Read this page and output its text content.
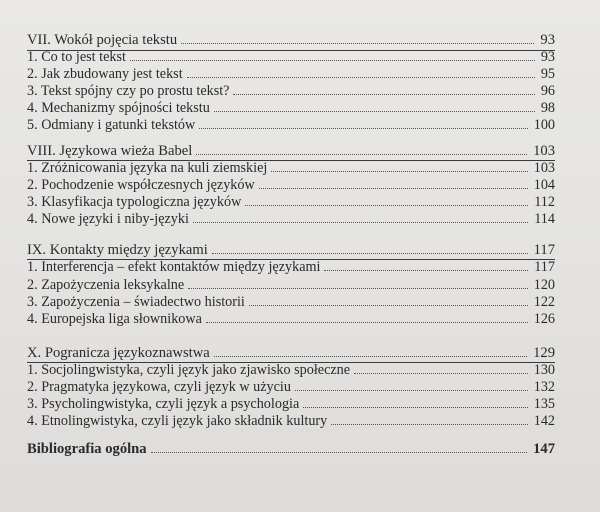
VII. Wokół pojęcia tekstu	93
1. Co to jest tekst	93
2. Jak zbudowany jest tekst	95
3. Tekst spójny czy po prostu tekst?	96
4. Mechanizmy spójności tekstu	98
5. Odmiany i gatunki tekstów	100
VIII. Językowa wieża Babel	103
1. Zróżnicowania języka na kuli ziemskiej	103
2. Pochodzenie współczesnych języków	104
3. Klasyfikacja typologiczna języków	112
4. Nowe języki i niby-języki	114
IX. Kontakty między językami	117
1. Interferencja – efekt kontaktów między językami	117
2. Zapożyczenia leksykalne	120
3. Zapożyczenia – świadectwo historii	122
4. Europejska liga słownikowa	126
X. Pogranicza językoznawstwa	129
1. Socjolingwistyka, czyli język jako zjawisko społeczne	130
2. Pragmatyka językowa, czyli język w użyciu	132
3. Psycholingwistyka, czyli język a psychologia	135
4. Etnolingwistyka, czyli język jako składnik kultury	142
Bibliografia ogólna	147
